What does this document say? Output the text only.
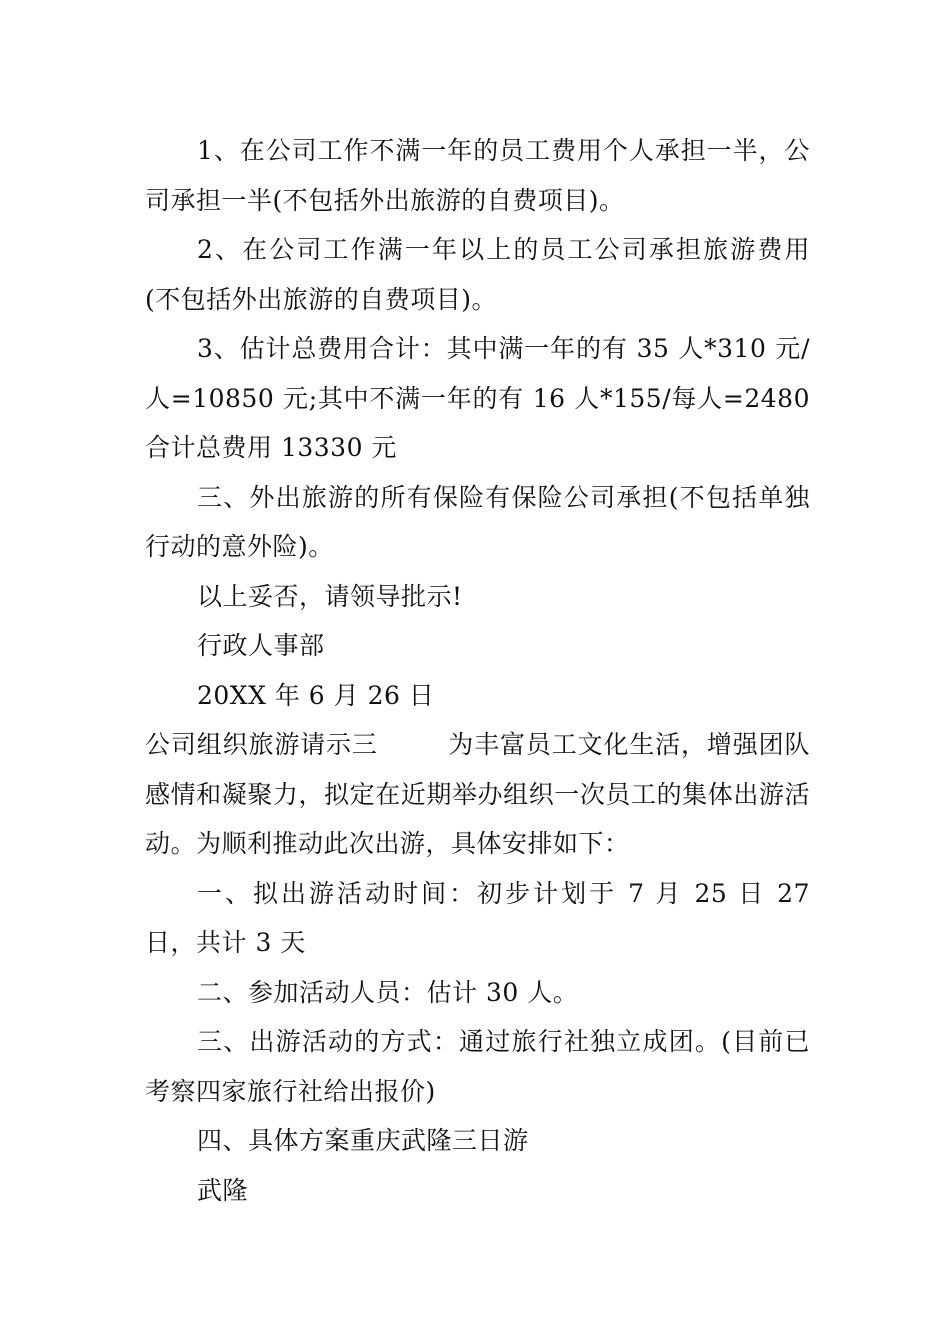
1、在公司工作不满一年的员工费用个人承担一半，公司承担一半(不包括外出旅游的自费项目)。

2、在公司工作满一年以上的员工公司承担旅游费用(不包括外出旅游的自费项目)。

3、估计总费用合计：其中满一年的有 35 人*310 元/人=10850 元;其中不满一年的有 16 人*155/每人=2480 合计总费用 13330 元

三、外出旅游的所有保险有保险公司承担(不包括单独行动的意外险)。

以上妥否，请领导批示!

行政人事部

20XX 年 6 月 26 日

公司组织旅游请示三        为丰富员工文化生活，增强团队感情和凝聚力，拟定在近期举办组织一次员工的集体出游活动。为顺利推动此次出游，具体安排如下：

一、拟出游活动时间：初步计划于 7 月 25 日 27 日，共计 3 天

二、参加活动人员：估计 30 人。

三、出游活动的方式：通过旅行社独立成团。(目前已考察四家旅行社给出报价)

四、具体方案重庆武隆三日游

武隆
